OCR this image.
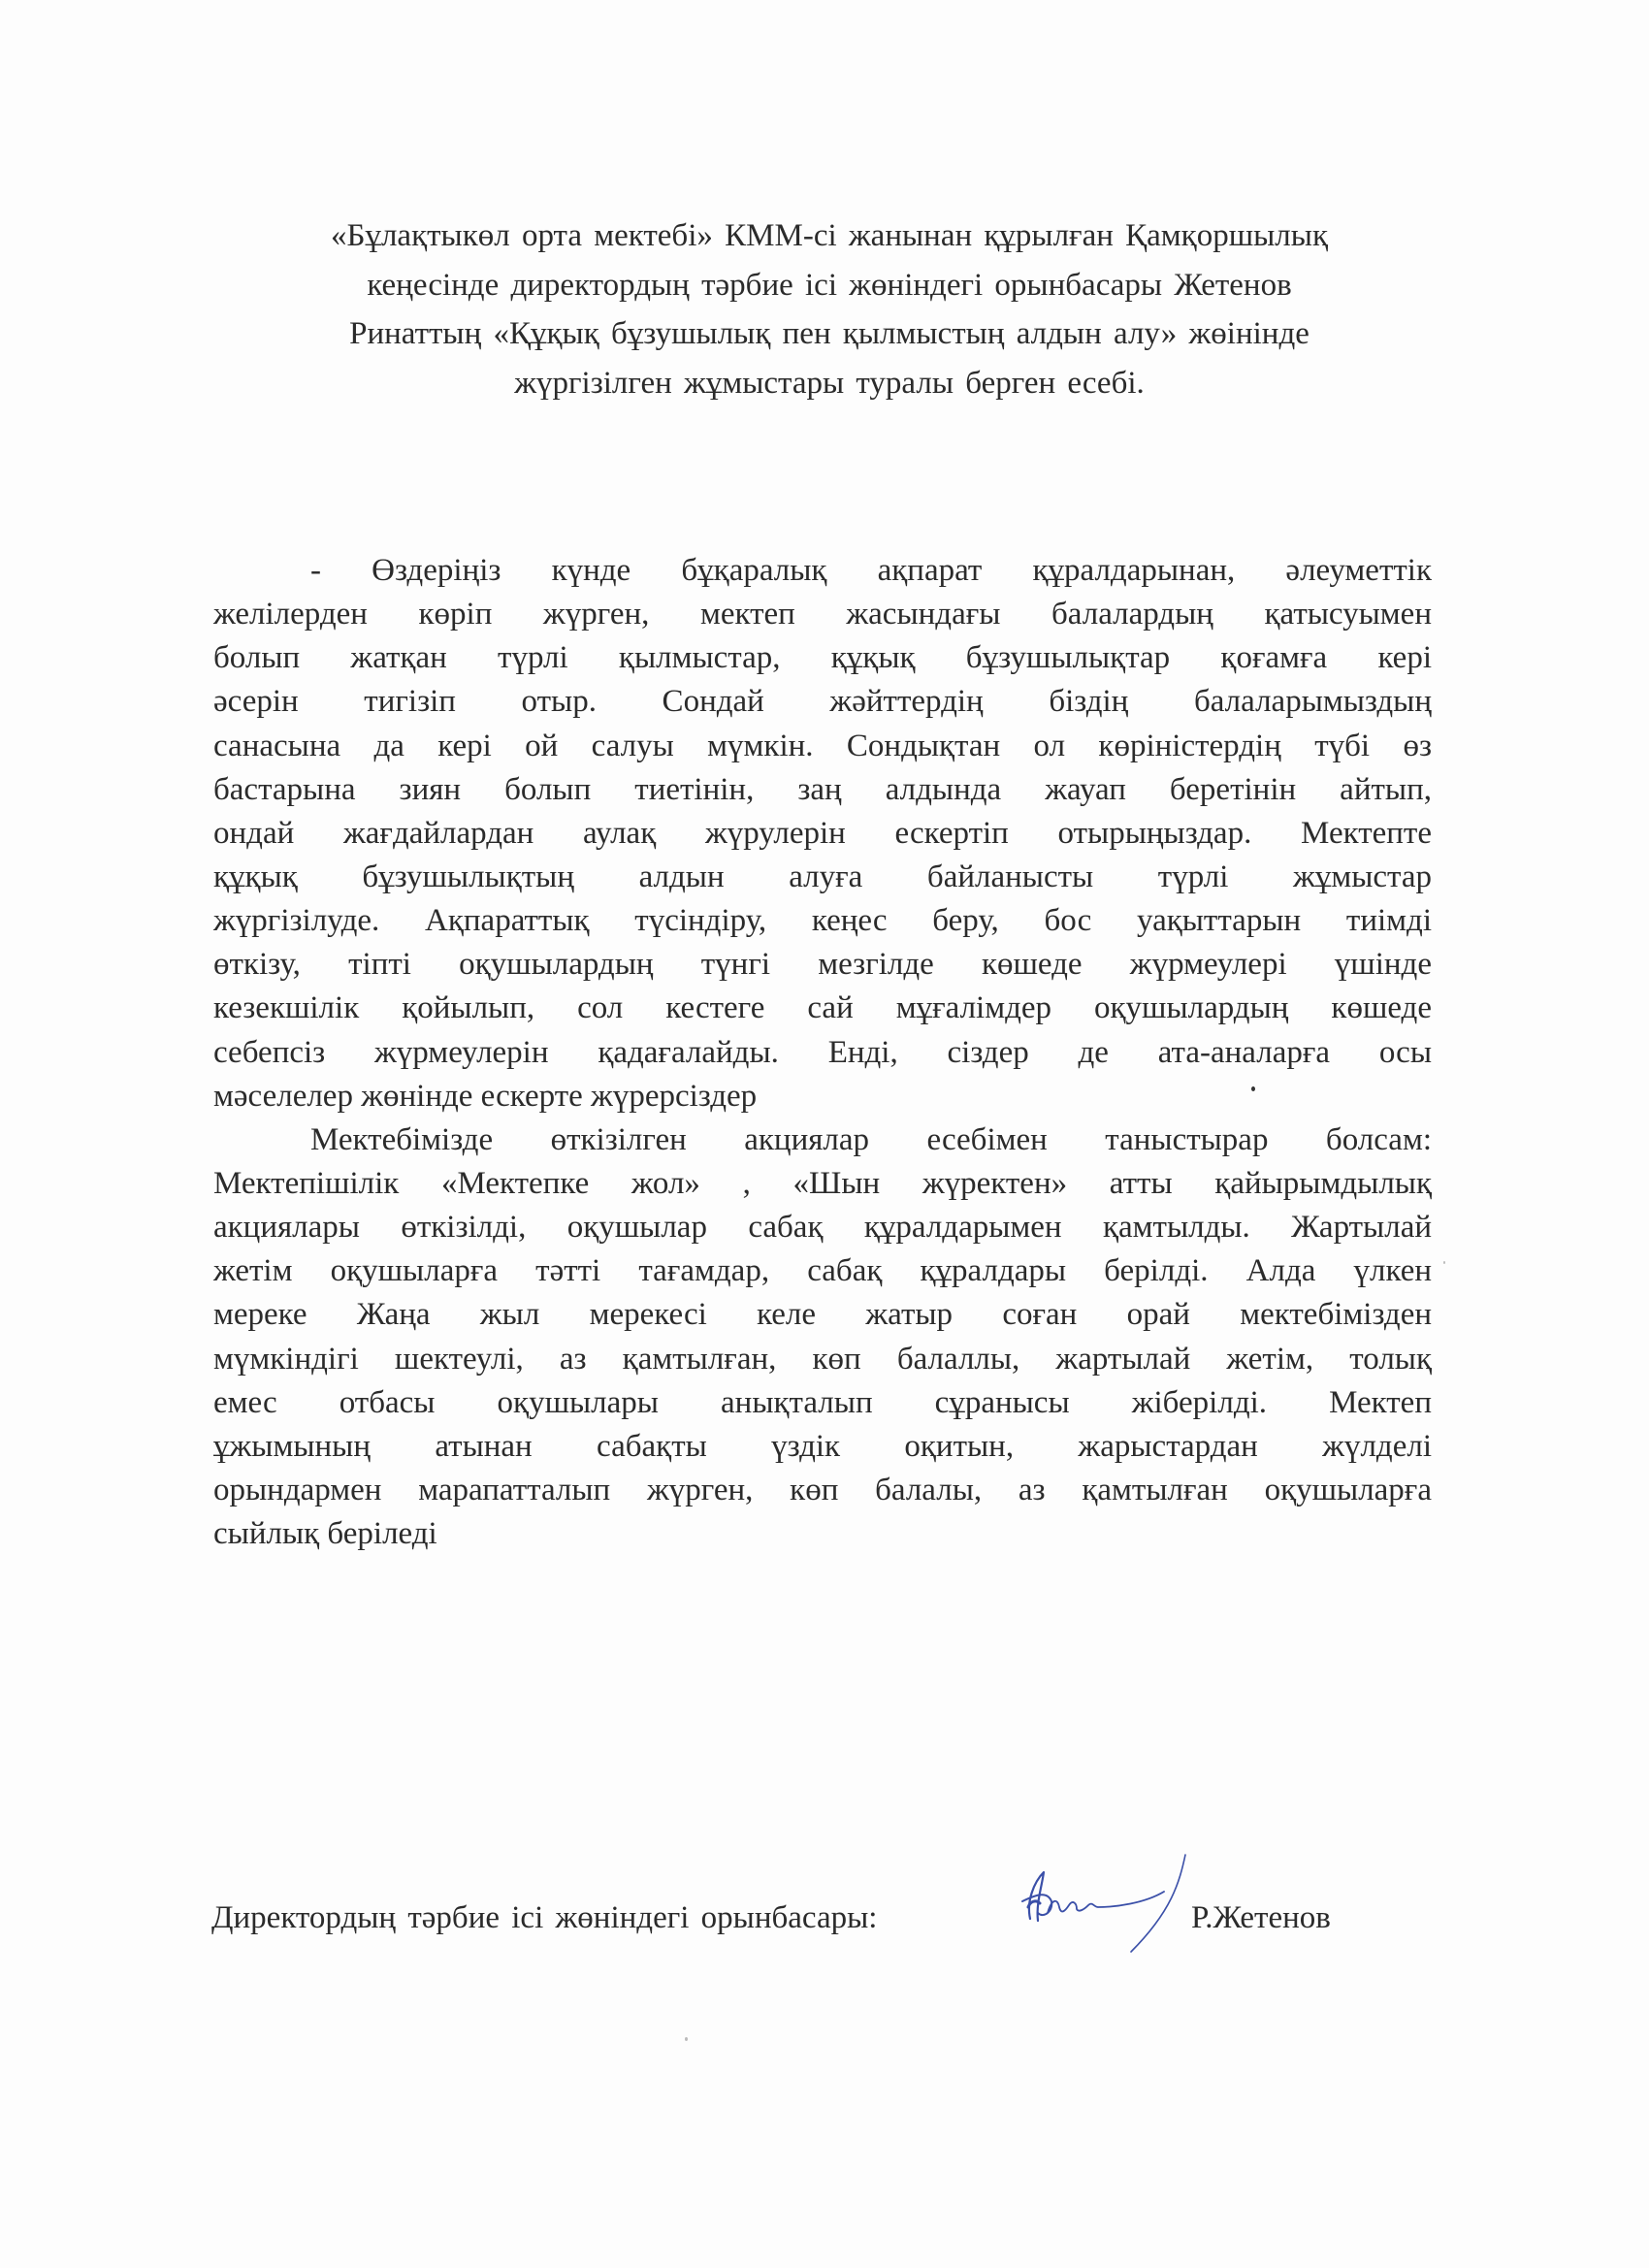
«Бұлақтыкөл орта мектебі» КММ-сі жанынан құрылған Қамқоршылық
кеңесінде директордың тәрбие ісі жөніндегі орынбасары Жетенов
Ринаттың «Құқық бұзушылық пен қылмыстың алдын алу» жөінінде
жүргізілген жұмыстары туралы берген есебі.
- Өздеріңіз күнде бұқаралық ақпарат құралдарынан, әлеуметтік
желілерден көріп жүрген, мектеп жасындағы балалардың қатысуымен
болып жатқан түрлі қылмыстар, құқық бұзушылықтар қоғамға кері
әсерін тигізіп отыр. Сондай жәйттердің біздің балаларымыздың
санасына да кері ой салуы мүмкін. Сондықтан ол көріністердің түбі өз
бастарына зиян болып тиетінін, заң алдында жауап беретінін айтып,
ондай жағдайлардан аулақ жүрулерін ескертіп отырыңыздар. Мектепте
құқық бұзушылықтың алдын алуға байланысты түрлі жұмыстар
жүргізілуде. Ақпараттық түсіндіру, кеңес беру, бос уақыттарын тиімді
өткізу, тіпті оқушылардың түнгі мезгілде көшеде жүрмеулері үшінде
кезекшілік қойылып, сол кестеге сай мұғалімдер оқушылардың көшеде
себепсіз жүрмеулерін қадағалайды. Енді, сіздер де ата-аналарға осы
мәселелер жөнінде ескерте жүрерсіздер
Мектебімізде өткізілген акциялар есебімен таныстырар болсам:
Мектепішілік «Мектепке жол» , «Шын жүректен» атты қайырымдылық
акциялары өткізілді, оқушылар сабақ құралдарымен қамтылды. Жартылай
жетім оқушыларға тәтті тағамдар, сабақ құралдары берілді. Алда үлкен
мереке Жаңа жыл мерекесі келе жатыр соған орай мектебімізден
мүмкіндігі шектеулі, аз қамтылған, көп балаллы, жартылай жетім, толық
емес отбасы оқушылары анықталып сұранысы жіберілді. Мектеп
ұжымының атынан сабақты үздік оқитын, жарыстардан жүлделі
орындармен марапатталып жүрген, көп балалы, аз қамтылған оқушыларға
сыйлық беріледі
Директордың тәрбие ісі жөніндегі орынбасары:	Р.Жетенов
